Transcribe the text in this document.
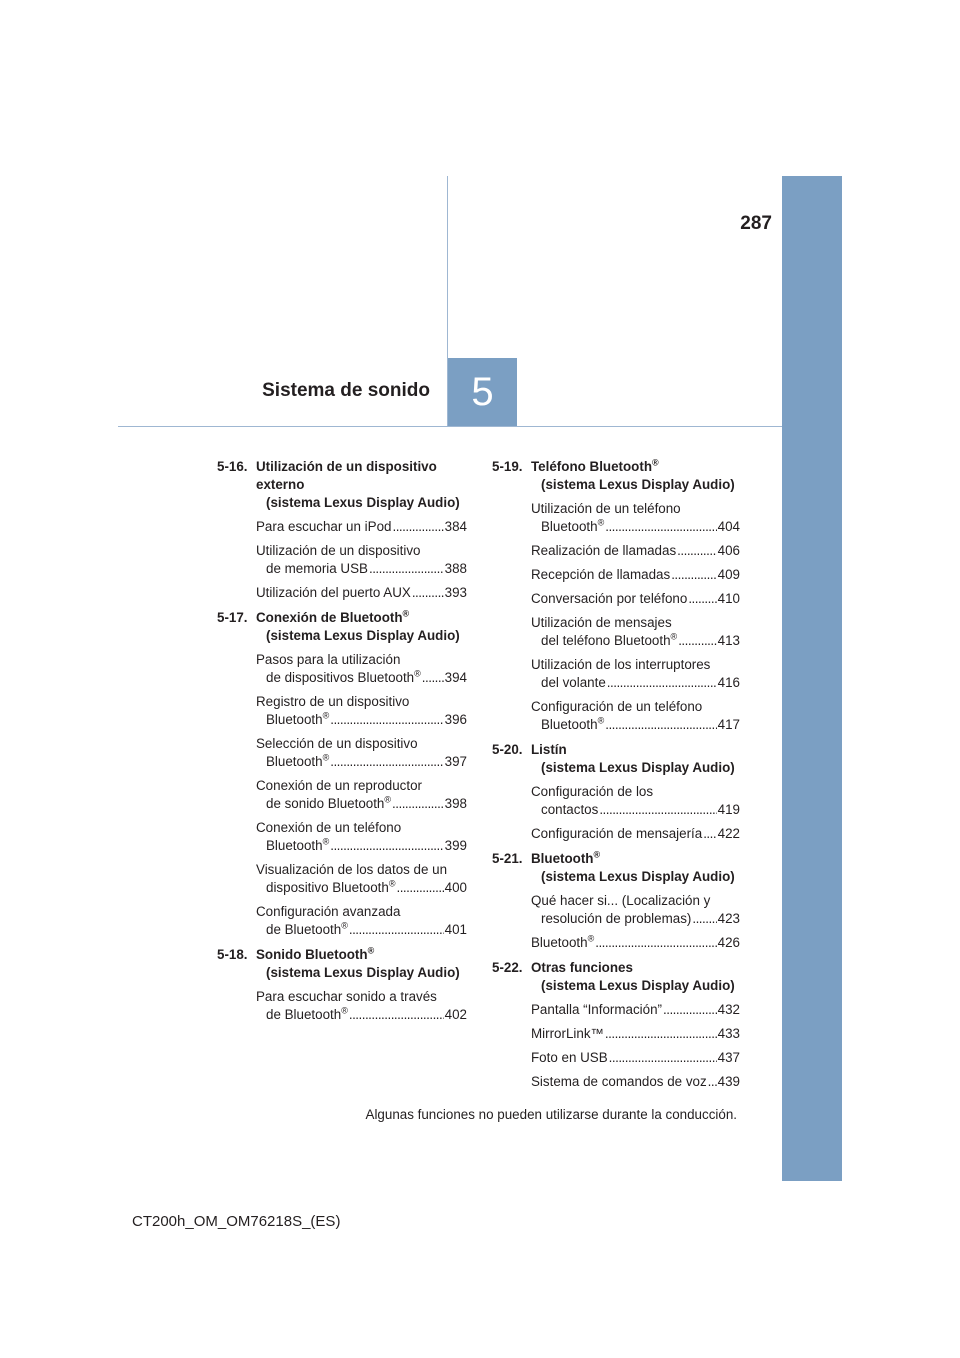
287
Sistema de sonido	5
5-16. Utilización de un dispositivo externo
(sistema Lexus Display Audio)
Para escuchar un iPod .....	384
Utilización de un dispositivo
de memoria USB .....	388
Utilización del puerto AUX .....	393
5-17. Conexión de Bluetooth®
(sistema Lexus Display Audio)
Pasos para la utilización
de dispositivos Bluetooth® ..... 394
Registro de un dispositivo
Bluetooth® .....	396
Selección de un dispositivo
Bluetooth® .....	397
Conexión de un reproductor
de sonido Bluetooth® .....	398
Conexión de un teléfono
Bluetooth® .....	399
Visualización de los datos de un
dispositivo Bluetooth® .....	400
Configuración avanzada
de Bluetooth® .....	401
5-18. Sonido Bluetooth®
(sistema Lexus Display Audio)
Para escuchar sonido a través
de Bluetooth® .....	402
5-19. Teléfono Bluetooth®
(sistema Lexus Display Audio)
Utilización de un teléfono
Bluetooth® .....	404
Realización de llamadas .....	406
Recepción de llamadas .....	409
Conversación por teléfono ..... 410
Utilización de mensajes
del teléfono Bluetooth® .....	413
Utilización de los interruptores
del volante .....	416
Configuración de un teléfono
Bluetooth® .....	417
5-20. Listín
(sistema Lexus Display Audio)
Configuración de los
contactos .....	419
Configuración de mensajería ..... 422
5-21. Bluetooth®
(sistema Lexus Display Audio)
Qué hacer si... (Localización y
resolución de problemas) ..... 423
Bluetooth® .....	426
5-22. Otras funciones
(sistema Lexus Display Audio)
Pantalla “Información” .....	432
MirrorLink™ .....	433
Foto en USB .....	437
Sistema de comandos de voz ..... 439
Algunas funciones no pueden utilizarse durante la conducción.
CT200h_OM_OM76218S_(ES)
